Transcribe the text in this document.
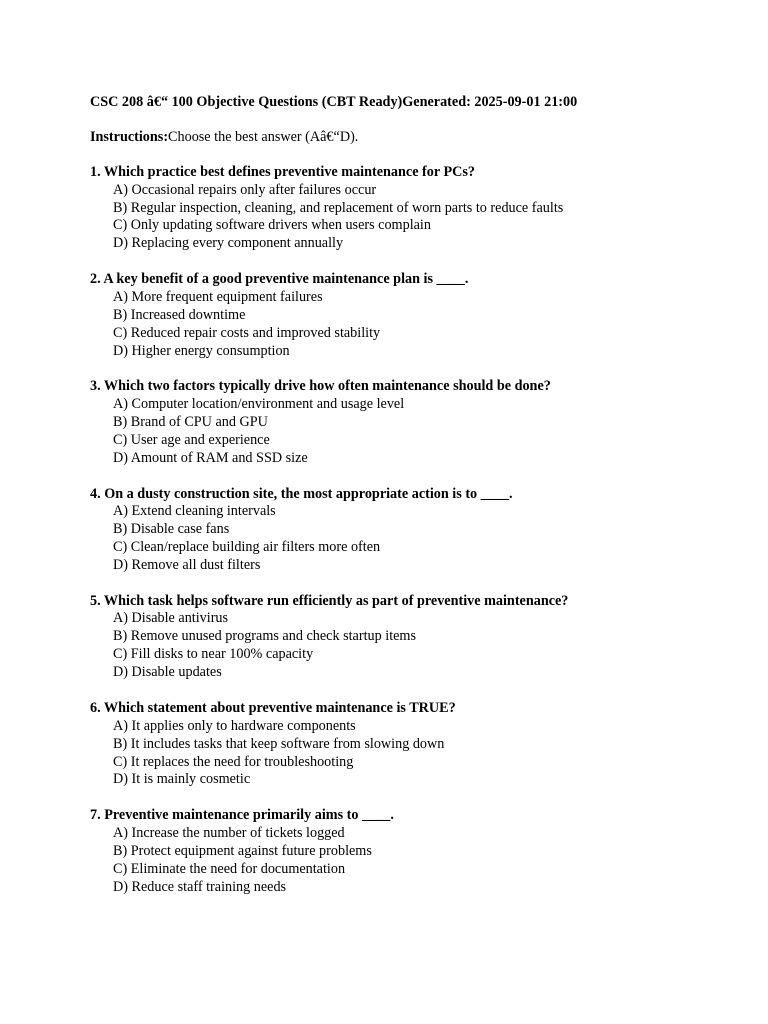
CSC 208 â€“ 100 Objective Questions (CBT Ready)Generated: 2025-09-01 21:00
Instructions:Choose the best answer (Aâ€“D).
1. Which practice best defines preventive maintenance for PCs?
A) Occasional repairs only after failures occur
B) Regular inspection, cleaning, and replacement of worn parts to reduce faults
C) Only updating software drivers when users complain
D) Replacing every component annually
2. A key benefit of a good preventive maintenance plan is ____.
A) More frequent equipment failures
B) Increased downtime
C) Reduced repair costs and improved stability
D) Higher energy consumption
3. Which two factors typically drive how often maintenance should be done?
A) Computer location/environment and usage level
B) Brand of CPU and GPU
C) User age and experience
D) Amount of RAM and SSD size
4. On a dusty construction site, the most appropriate action is to ____.
A) Extend cleaning intervals
B) Disable case fans
C) Clean/replace building air filters more often
D) Remove all dust filters
5. Which task helps software run efficiently as part of preventive maintenance?
A) Disable antivirus
B) Remove unused programs and check startup items
C) Fill disks to near 100% capacity
D) Disable updates
6. Which statement about preventive maintenance is TRUE?
A) It applies only to hardware components
B) It includes tasks that keep software from slowing down
C) It replaces the need for troubleshooting
D) It is mainly cosmetic
7. Preventive maintenance primarily aims to ____.
A) Increase the number of tickets logged
B) Protect equipment against future problems
C) Eliminate the need for documentation
D) Reduce staff training needs
